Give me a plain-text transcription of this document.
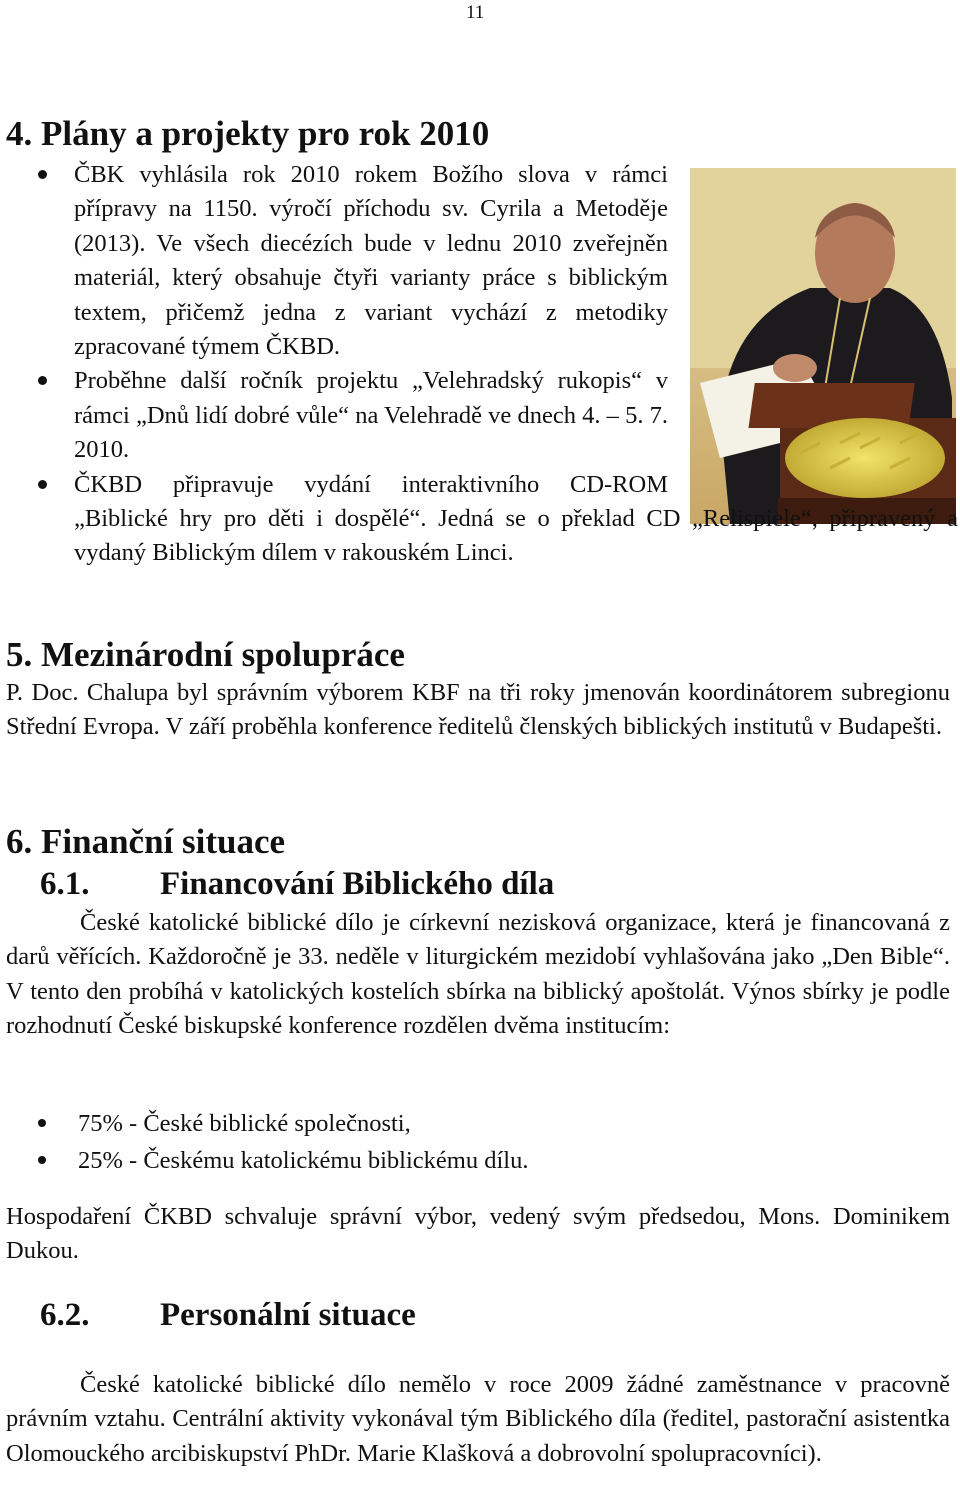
11
4. Plány a projekty pro rok 2010
ČBK vyhlásila rok 2010 rokem Božího slova v rámci přípravy na 1150. výročí příchodu sv. Cyrila a Metoděje (2013). Ve všech diecézích bude v lednu 2010 zveřejněn materiál, který obsahuje čtyři varianty práce s biblickým textem, přičemž jedna z variant vychází z metodiky zpracované týmem ČKBD.
Proběhne další ročník projektu „Velehradský rukopis“ v rámci „Dnů lidí dobré vůle“ na Velehradě ve dnech 4. – 5. 7. 2010.
ČKBD připravuje vydání interaktivního CD-ROM „Biblické hry pro děti i dospělé“. Jedná se o překlad CD „Relispiele“, připravený a vydaný Biblickým dílem v rakouském Linci.
5. Mezinárodní spolupráce

P. Doc. Chalupa byl správním výborem KBF na tři roky jmenován koordinátorem subregionu Střední Evropa. V září proběhla konference ředitelů členských biblických institutů v Budapešti.

6. Finanční situace
6.1. Financování Biblického díla

České katolické biblické dílo je církevní nezisková organizace, která je financovaná z darů věřících. Každoročně je 33. neděle v liturgickém mezidobí vyhlašována jako „Den Bible“. V tento den probíhá v katolických kostelích sbírka na biblický apoštolát. Výnos sbírky je podle rozhodnutí České biskupské konference rozdělen dvěma institucím:

75% - České biblické společnosti,
25% - Českému katolickému biblickému dílu.

Hospodaření ČKBD schvaluje správní výbor, vedený svým předsedou, Mons. Dominikem Dukou.

6.2. Personální situace

České katolické biblické dílo nemělo v roce 2009 žádné zaměstnance v pracovně právním vztahu. Centrální aktivity vykonával tým Biblického díla (ředitel, pastorační asistentka Olomouckého arcibiskupství PhDr. Marie Klašková a dobrovolní spolupracovníci).
